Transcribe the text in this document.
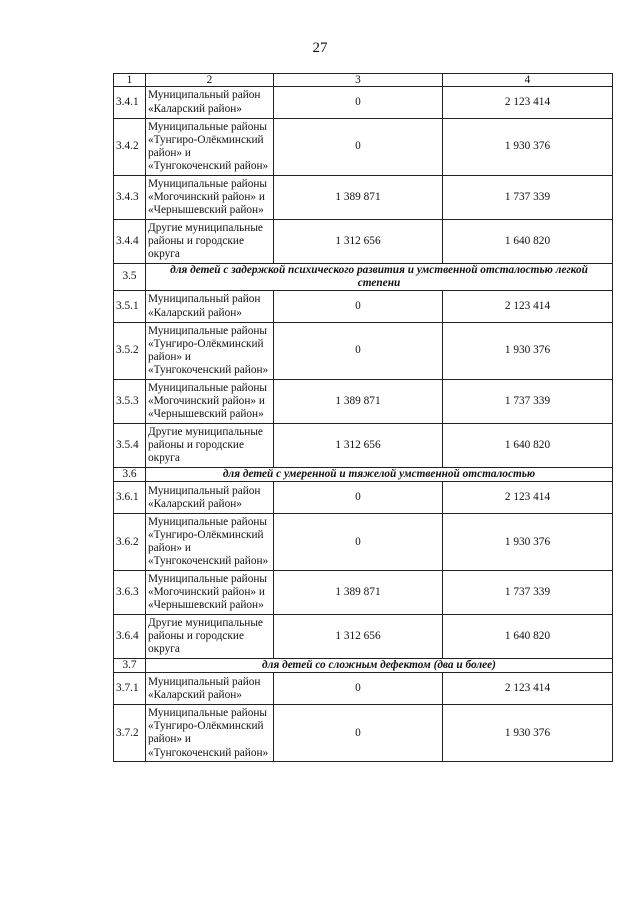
27
1	2	3	4
3.4.1	Муниципальный район «Каларский район»	0	2 123 414
3.4.2	Муниципальные районы «Тунгиро-Олёкминский район» и «Тунгокоченский район»	0	1 930 376
3.4.3	Муниципальные районы «Могочинский район» и «Чернышевский район»	1 389 871	1 737 339
3.4.4	Другие муниципальные районы и городские округа	1 312 656	1 640 820
3.5	для детей с задержкой психического развития и умственной отсталостью легкой степени		
3.5.1	Муниципальный район «Каларский район»	0	2 123 414
3.5.2	Муниципальные районы «Тунгиро-Олёкминский район» и «Тунгокоченский район»	0	1 930 376
3.5.3	Муниципальные районы «Могочинский район» и «Чернышевский район»	1 389 871	1 737 339
3.5.4	Другие муниципальные районы и городские округа	1 312 656	1 640 820
3.6	для детей с умеренной и тяжелой умственной отсталостью		
3.6.1	Муниципальный район «Каларский район»	0	2 123 414
3.6.2	Муниципальные районы «Тунгиро-Олёкминский район» и «Тунгокоченский район»	0	1 930 376
3.6.3	Муниципальные районы «Могочинский район» и «Чернышевский район»	1 389 871	1 737 339
3.6.4	Другие муниципальные районы и городские округа	1 312 656	1 640 820
3.7	для детей со сложным дефектом (два и более)		
3.7.1	Муниципальный район «Каларский район»	0	2 123 414
3.7.2	Муниципальные районы «Тунгиро-Олёкминский район» и «Тунгокоченский район»	0	1 930 376
